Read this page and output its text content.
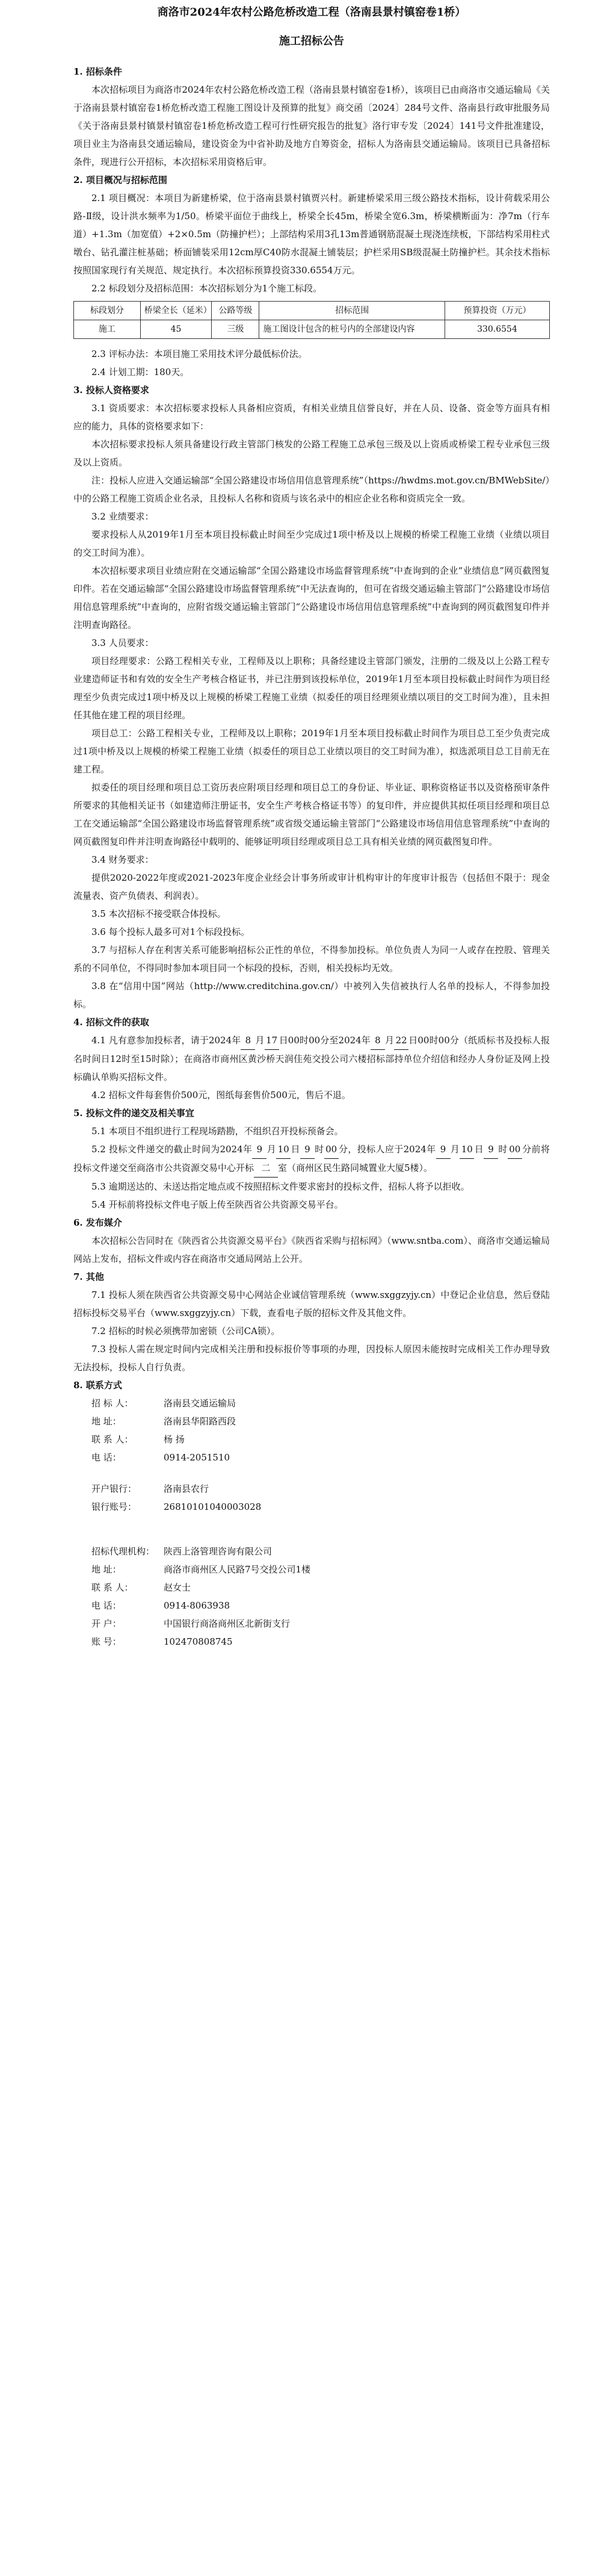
商洛市2024年农村公路危桥改造工程（洛南县景村镇窑卷1桥）
施工招标公告
1. 招标条件

本次招标项目为商洛市2024年农村公路危桥改造工程（洛南县景村镇窑卷1桥），该项目已由商洛市交通运输局《关于洛南县景村镇窑卷1桥危桥改造工程施工图设计及预算的批复》商交函〔2024〕284号文件、洛南县行政审批服务局《关于洛南县景村镇景村镇窑卷1桥危桥改造工程可行性研究报告的批复》洛行审专发〔2024〕141号文件批准建设，项目业主为洛南县交通运输局，建设资金为中省补助及地方自筹资金，招标人为洛南县交通运输局。该项目已具备招标条件，现进行公开招标，本次招标采用资格后审。

2. 项目概况与招标范围

2.1 项目概况：本项目为新建桥梁，位于洛南县景村镇贾兴村。新建桥梁采用三级公路技术指标，设计荷载采用公路-Ⅱ级，设计洪水频率为1/50。桥梁平面位于曲线上，桥梁全长45m，桥梁全宽6.3m，桥梁横断面为：净7m（行车道）+1.3m（加宽值）+2×0.5m（防撞护栏）；上部结构采用3孔13m普通钢筋混凝土现浇连续板，下部结构采用柱式墩台、钻孔灌注桩基础；桥面铺装采用12cm厚C40防水混凝土铺装层；护栏采用SB级混凝土防撞护栏。其余技术指标按照国家现行有关规范、规定执行。本次招标预算投资330.6554万元。

2.2 标段划分及招标范围：本次招标划分为1个施工标段。

标段划分	桥梁全长（延米）	公路等级	招标范围	预算投资（万元）
施工	45	三级	施工图设计包含的桩号内的全部建设内容	330.6554

2.3 评标办法：本项目施工采用技术评分最低标价法。

2.4 计划工期：180天。

3. 投标人资格要求

3.1 资质要求：本次招标要求投标人具备相应资质，有相关业绩且信誉良好，并在人员、设备、资金等方面具有相应的能力，具体的资格要求如下：

本次招标要求投标人须具备建设行政主管部门核发的公路工程施工总承包三级及以上资质或桥梁工程专业承包三级及以上资质。

注：投标人应进入交通运输部“全国公路建设市场信用信息管理系统”（https://hwdms.mot.gov.cn/BMWebSite/）中的公路工程施工资质企业名录，且投标人名称和资质与该名录中的相应企业名称和资质完全一致。

3.2 业绩要求：

要求投标人从2019年1月至本项目投标截止时间至少完成过1项中桥及以上规模的桥梁工程施工业绩（业绩以项目的交工时间为准）。

本次招标要求项目业绩应附在交通运输部“全国公路建设市场监督管理系统”中查询到的企业“业绩信息”网页截图复印件。若在交通运输部“全国公路建设市场监督管理系统”中无法查询的，但可在省级交通运输主管部门“公路建设市场信用信息管理系统”中查询的，应附省级交通运输主管部门“公路建设市场信用信息管理系统”中查询到的网页截图复印件并注明查询路径。

3.3 人员要求：

项目经理要求：公路工程相关专业，工程师及以上职称；具备经建设主管部门颁发，注册的二级及以上公路工程专业建造师证书和有效的安全生产考核合格证书，并已注册到该投标单位，2019年1月至本项目投标截止时间作为项目经理至少负责完成过1项中桥及以上规模的桥梁工程施工业绩（拟委任的项目经理须业绩以项目的交工时间为准），且未担任其他在建工程的项目经理。

项目总工：公路工程相关专业，工程师及以上职称；2019年1月至本项目投标截止时间作为项目总工至少负责完成过1项中桥及以上规模的桥梁工程施工业绩（拟委任的项目总工业绩以项目的交工时间为准），拟选派项目总工目前无在建工程。

拟委任的项目经理和项目总工资历表应附项目经理和项目总工的身份证、毕业证、职称资格证书以及资格预审条件所要求的其他相关证书（如建造师注册证书，安全生产考核合格证书等）的复印件，并应提供其拟任项目经理和项目总工在交通运输部“全国公路建设市场监督管理系统”或省级交通运输主管部门“公路建设市场信用信息管理系统”中查询的网页截图复印件并注明查询路径中载明的、能够证明项目经理或项目总工具有相关业绩的网页截图复印件。

3.4 财务要求：

提供2020-2022年度或2021-2023年度企业经会计事务所或审计机构审计的年度审计报告（包括但不限于：现金流量表、资产负债表、利润表）。

3.5 本次招标不接受联合体投标。

3.6 每个投标人最多可对1个标段投标。

3.7 与招标人存在利害关系可能影响招标公正性的单位，不得参加投标。单位负责人为同一人或存在控股、管理关系的不同单位，不得同时参加本项目同一个标段的投标，否则，相关投标均无效。

3.8 在“信用中国”网站（http://www.creditchina.gov.cn/）中被列入失信被执行人名单的投标人，不得参加投标。

4. 招标文件的获取

4.1 凡有意参加投标者，请于2024年 8 月 17 日00时00分至2024年 8 月 22 日00时00分（纸质标书及投标人报名时间日12时至15时除）；在商洛市商州区黄沙桥天润佳苑交投公司六楼招标部持单位介绍信和经办人身份证及网上投标确认单购买招标文件。

4.2 招标文件每套售价500元，图纸每套售价500元，售后不退。

5. 投标文件的递交及相关事宜

5.1 本项目不组织进行工程现场踏勘，不组织召开投标预备会。

5.2 投标文件递交的截止时间为2024年 9 月 10 日 9 时 00 分，投标人应于2024年 9 月 10 日 9 时 00 分前将投标文件递交至商洛市公共资源交易中心开标 二 室（商州区民生路同城置业大厦5楼）。

5.3 逾期送达的、未送达指定地点或不按照招标文件要求密封的投标文件，招标人将予以拒收。

5.4 开标前将投标文件电子版上传至陕西省公共资源交易平台。

6. 发布媒介

本次招标公告同时在《陕西省公共资源交易平台》《陕西省采购与招标网》（www.sntba.com）、商洛市交通运输局网站上发布，招标文件或内容在商洛市交通局网站上公开。

7. 其他

7.1 投标人须在陕西省公共资源交易中心网站企业诚信管理系统（www.sxggzyjy.cn）中登记企业信息，然后登陆招标投标交易平台（www.sxggzyjy.cn）下载，查看电子版的招标文件及其他文件。

7.2 招标的时候必须携带加密锁（公司CA锁）。

7.3 投标人需在规定时间内完成相关注册和投标报价等事项的办理，因投标人原因未能按时完成相关工作办理导致无法投标，投标人自行负责。

8. 联系方式
招 标 人：	洛南县交通运输局
地 址：	洛南县华阳路西段
联 系 人：	杨 扬
电 话：	0914-2051510
开户银行：	洛南县农行
银行账号：	26810101040003028
招标代理机构： 陕西上洛管理咨询有限公司
地 址：	商洛市商州区人民路7号交投公司1楼
联 系 人：	赵女士
电 话：	0914-8063938
开 户：	中国银行商洛商州区北新街支行
账 号：	102470808745
